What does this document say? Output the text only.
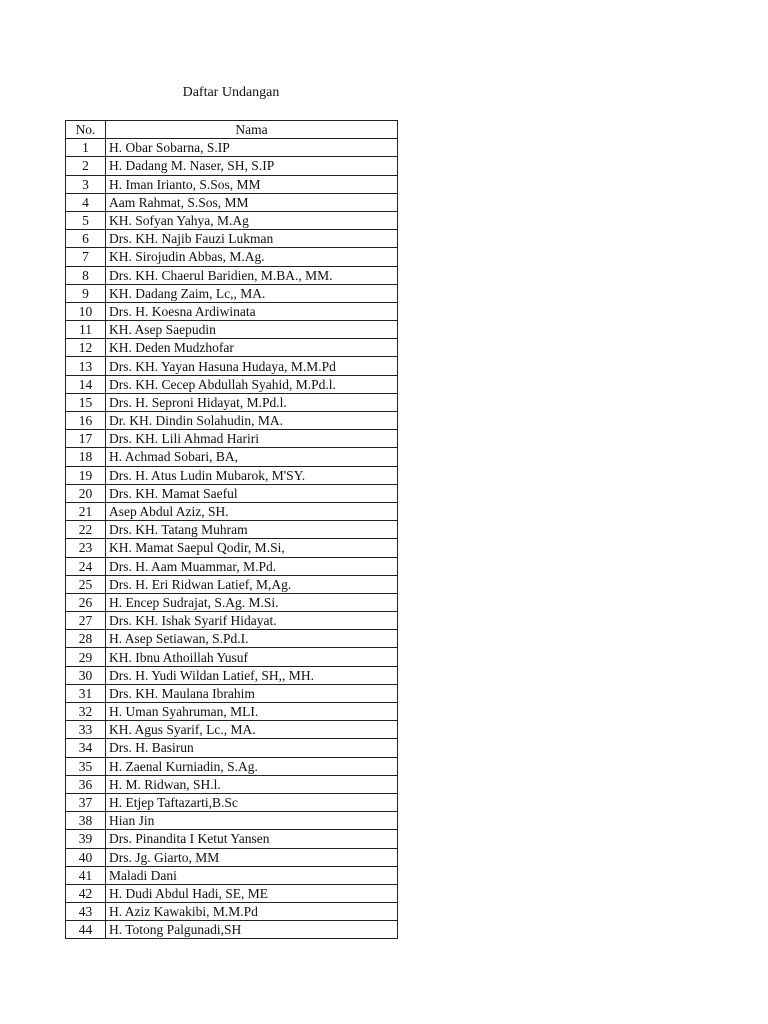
Daftar Undangan
No.	Nama
1	H. Obar Sobarna, S.IP
2	H. Dadang M. Naser, SH, S.IP
3	H. Iman Irianto, S.Sos, MM
4	Aam Rahmat, S.Sos, MM
5	KH. Sofyan Yahya, M.Ag
6	Drs. KH. Najib Fauzi Lukman
7	KH. Sirojudin Abbas, M.Ag.
8	Drs. KH. Chaerul Baridien, M.BA., MM.
9	KH. Dadang Zaim, Lc,, MA.
10	Drs. H. Koesna Ardiwinata
11	KH. Asep Saepudin
12	KH. Deden Mudzhofar
13	Drs. KH. Yayan Hasuna Hudaya, M.M.Pd
14	Drs. KH. Cecep Abdullah Syahid, M.Pd.l.
15	Drs. H. Seproni Hidayat, M.Pd.l.
16	Dr. KH. Dindin Solahudin, MA.
17	Drs. KH. Lili Ahmad Hariri
18	H. Achmad Sobari, BA,
19	Drs. H. Atus Ludin Mubarok, M'SY.
20	Drs. KH. Mamat Saeful
21	Asep Abdul Aziz, SH.
22	Drs. KH. Tatang Muhram
23	KH. Mamat Saepul Qodir, M.Si,
24	Drs. H. Aam Muammar, M.Pd.
25	Drs. H. Eri Ridwan Latief, M,Ag.
26	H. Encep Sudrajat, S.Ag. M.Si.
27	Drs. KH. Ishak Syarif Hidayat.
28	H. Asep Setiawan, S.Pd.I.
29	KH. Ibnu Athoillah Yusuf
30	Drs. H. Yudi Wildan Latief, SH,, MH.
31	Drs. KH. Maulana Ibrahim
32	H. Uman Syahruman, MLI.
33	KH. Agus Syarif, Lc., MA.
34	Drs. H. Basirun
35	H. Zaenal Kurniadin, S.Ag.
36	H. M. Ridwan, SH.l.
37	H. Etjep Taftazarti,B.Sc
38	Hian Jin
39	Drs. Pinandita I Ketut Yansen
40	Drs. Jg. Giarto, MM
41	Maladi Dani
42	H. Dudi Abdul Hadi, SE, ME
43	H. Aziz Kawakibi, M.M.Pd
44	H. Totong Palgunadi,SH
